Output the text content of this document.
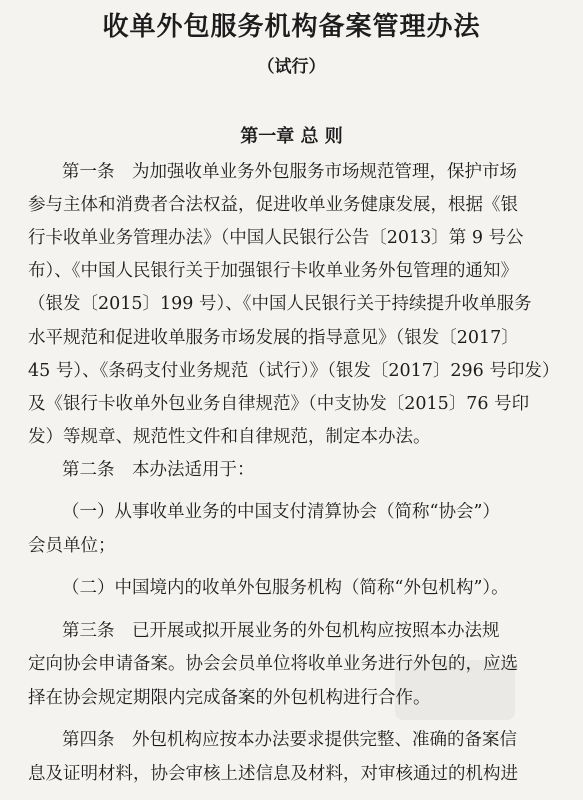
收单外包服务机构备案管理办法
（试行）
第一章 总 则
第一条　为加强收单业务外包服务市场规范管理，保护市场
参与主体和消费者合法权益，促进收单业务健康发展，根据《银
行卡收单业务管理办法》（中国人民银行公告〔2013〕第 9 号公
布）、《中国人民银行关于加强银行卡收单业务外包管理的通知》
（银发〔2015〕199 号）、《中国人民银行关于持续提升收单服务
水平规范和促进收单服务市场发展的指导意见》（银发〔2017〕
45 号）、《条码支付业务规范（试行）》（银发〔2017〕296 号印发）
及《银行卡收单外包业务自律规范》（中支协发〔2015〕76 号印
发）等规章、规范性文件和自律规范，制定本办法。
第二条　本办法适用于：
（一）从事收单业务的中国支付清算协会（简称“协会”）
会员单位；
（二）中国境内的收单外包服务机构（简称“外包机构”）。
第三条　已开展或拟开展业务的外包机构应按照本办法规
定向协会申请备案。协会会员单位将收单业务进行外包的，应选
择在协会规定期限内完成备案的外包机构进行合作。
第四条　外包机构应按本办法要求提供完整、准确的备案信
息及证明材料，协会审核上述信息及材料，对审核通过的机构进
